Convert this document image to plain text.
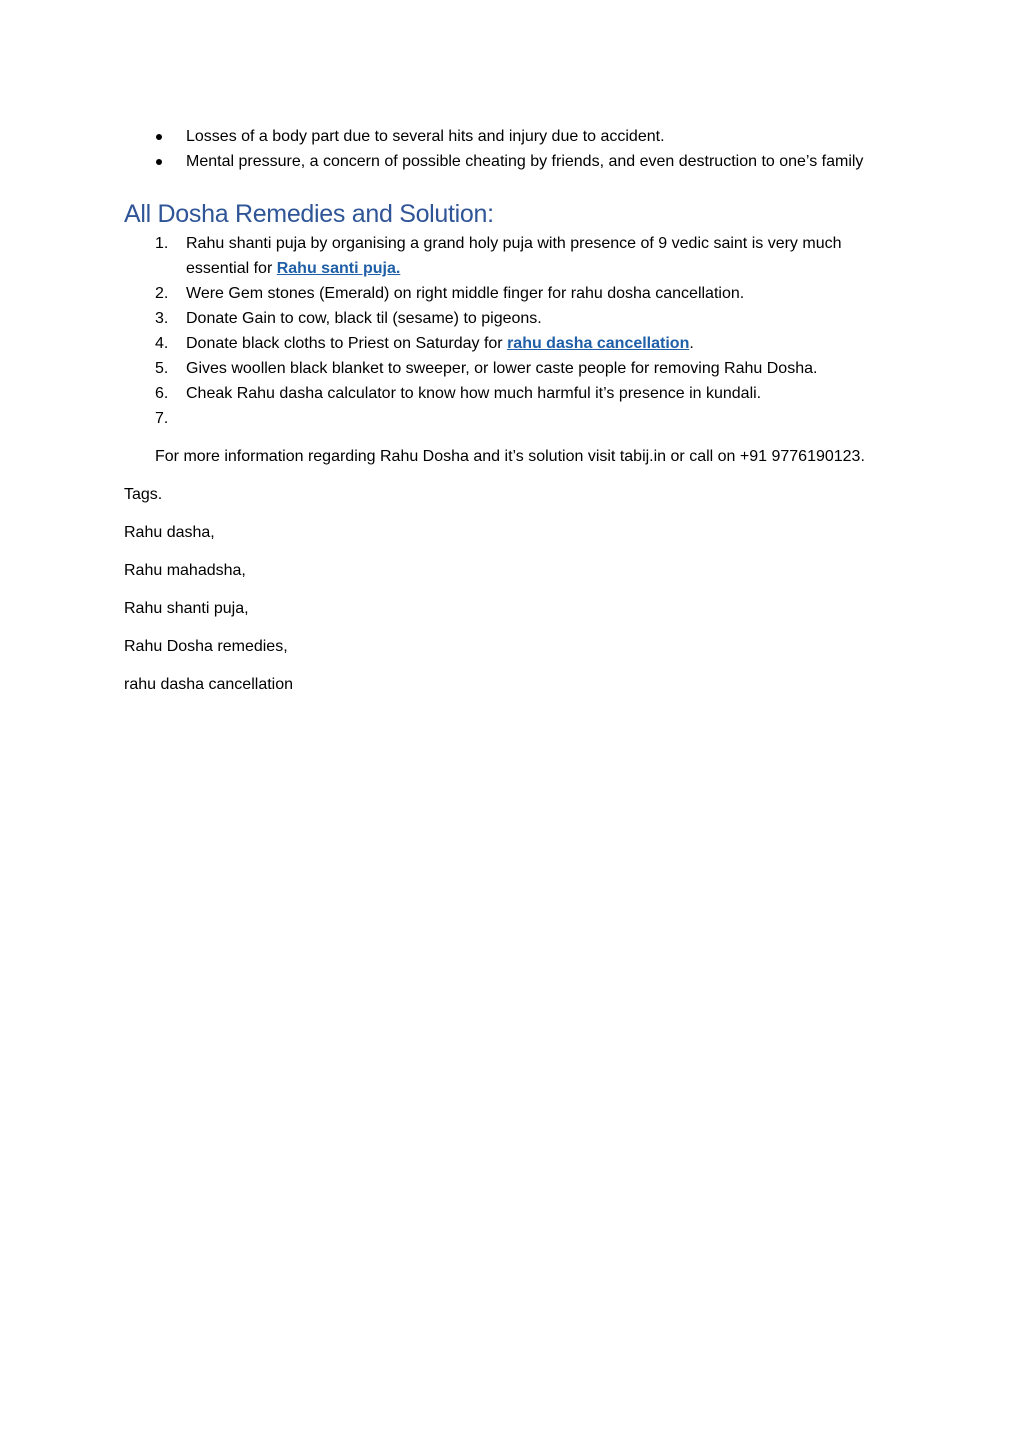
Losses of a body part due to several hits and injury due to accident.
Mental pressure, a concern of possible cheating by friends, and even destruction to one’s family
All Dosha Remedies and Solution:
1. Rahu shanti puja by organising a grand holy puja with presence of 9 vedic saint is very much essential for Rahu santi puja.
2. Were Gem stones (Emerald) on right middle finger for rahu dosha cancellation.
3. Donate Gain to cow, black til (sesame) to pigeons.
4. Donate black cloths to Priest on Saturday for rahu dasha cancellation.
5. Gives woollen black blanket to sweeper, or lower caste people for removing Rahu Dosha.
6. Cheak Rahu dasha calculator to know how much harmful it’s presence in kundali.
7.

For more information regarding Rahu Dosha and it’s solution visit tabij.in or call on +91 9776190123.

Tags.

Rahu dasha,

Rahu mahadsha,

Rahu shanti puja,

Rahu Dosha remedies,

rahu dasha cancellation
